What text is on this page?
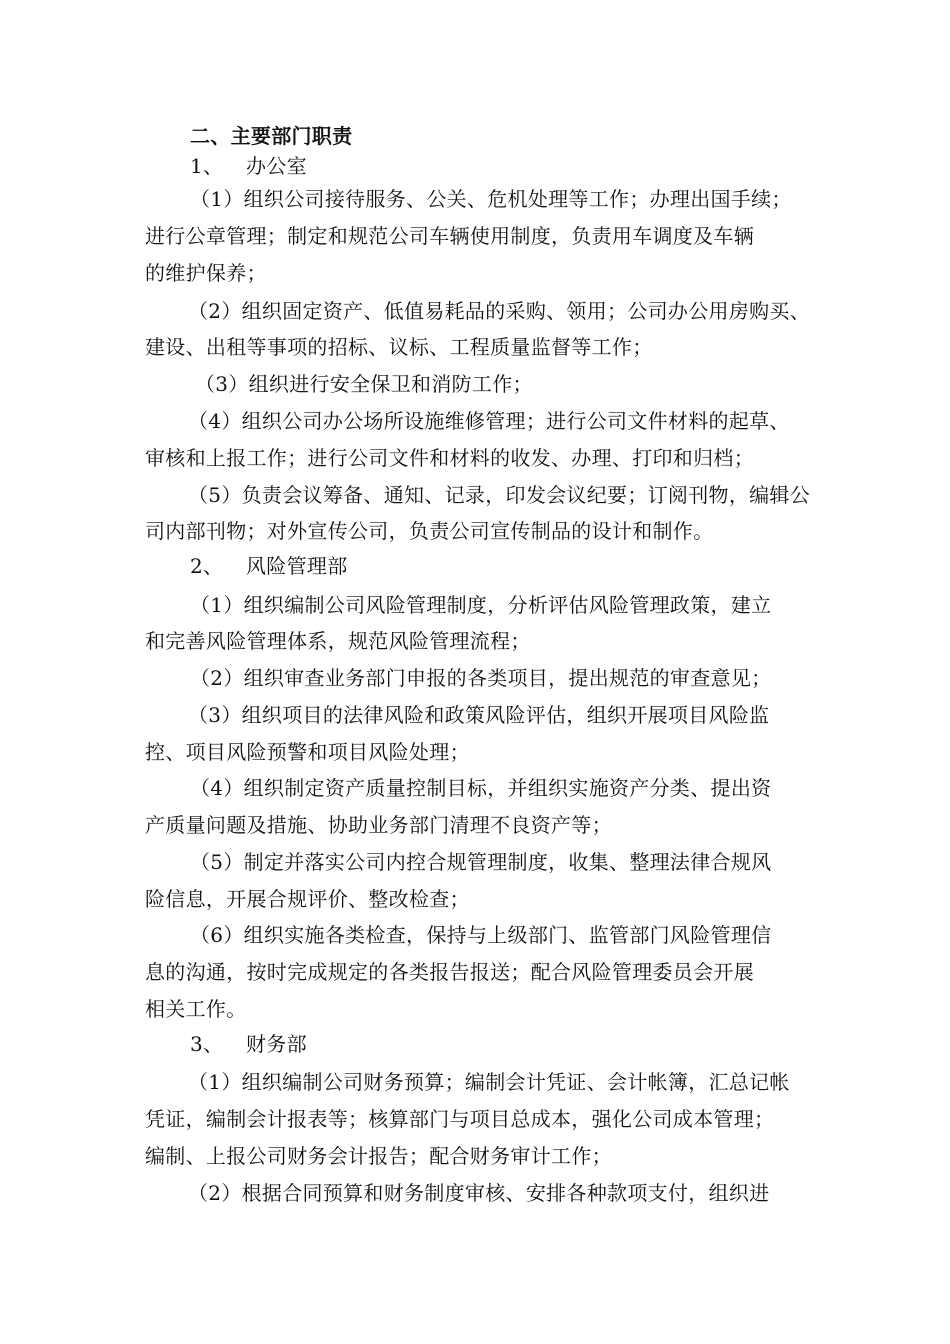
二、主要部门职责
1、 办公室
（1）组织公司接待服务、公关、危机处理等工作；办理出国手续；
进行公章管理；制定和规范公司车辆使用制度，负责用车调度及车辆
的维护保养；
（2）组织固定资产、低值易耗品的采购、领用；公司办公用房购买、
建设、出租等事项的招标、议标、工程质量监督等工作；
（3）组织进行安全保卫和消防工作；
（4）组织公司办公场所设施维修管理；进行公司文件材料的起草、
审核和上报工作；进行公司文件和材料的收发、办理、打印和归档；
（5）负责会议筹备、通知、记录，印发会议纪要；订阅刊物，编辑公
司内部刊物；对外宣传公司，负责公司宣传制品的设计和制作。
2、 风险管理部
（1）组织编制公司风险管理制度，分析评估风险管理政策，建立
和完善风险管理体系，规范风险管理流程；
（2）组织审查业务部门申报的各类项目，提出规范的审查意见；
（3）组织项目的法律风险和政策风险评估，组织开展项目风险监
控、项目风险预警和项目风险处理；
（4）组织制定资产质量控制目标，并组织实施资产分类、提出资
产质量问题及措施、协助业务部门清理不良资产等；
（5）制定并落实公司内控合规管理制度，收集、整理法律合规风
险信息，开展合规评价、整改检查；
（6）组织实施各类检查，保持与上级部门、监管部门风险管理信
息的沟通，按时完成规定的各类报告报送；配合风险管理委员会开展
相关工作。
3、 财务部
（1）组织编制公司财务预算；编制会计凭证、会计帐簿，汇总记帐
凭证，编制会计报表等；核算部门与项目总成本，强化公司成本管理；
编制、上报公司财务会计报告；配合财务审计工作；
（2）根据合同预算和财务制度审核、安排各种款项支付，组织进
